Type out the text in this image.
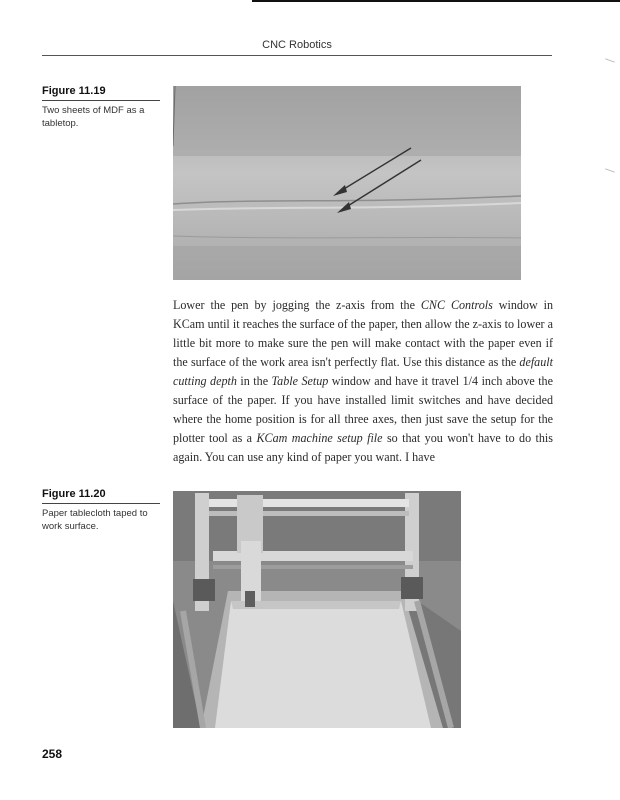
CNC Robotics
Figure 11.19
Two sheets of MDF as a tabletop.

Lower the pen by jogging the z-axis from the CNC Controls window in KCam until it reaches the surface of the paper, then allow the z-axis to lower a little bit more to make sure the pen will make contact with the paper even if the surface of the work area isn't perfectly flat. Use this distance as the default cutting depth in the Table Setup window and have it travel 1/4 inch above the surface of the paper. If you have installed limit switches and have decided where the home position is for all three axes, then just save the setup for the plotter tool as a KCam machine setup file so that you won't have to do this again. You can use any kind of paper you want. I have

Figure 11.20
Paper tablecloth taped to work surface.
258
